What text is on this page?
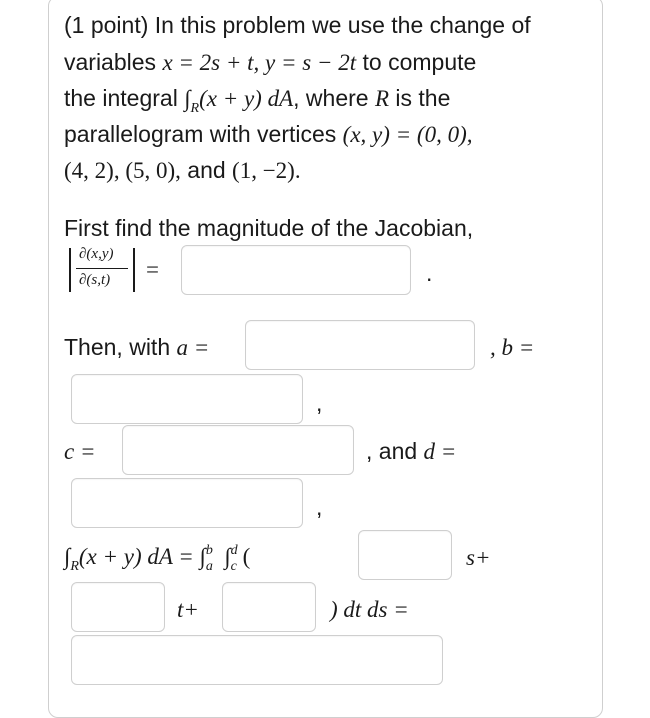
(1 point) In this problem we use the change of
variables x = 2s + t, y = s − 2t to compute
the integral $\int_R(x + y)$ dA, where R is the
parallelogram with vertices (x, y) = (0, 0),
(4, 2), (5, 0), and (1, −2).
First find the magnitude of the Jacobian,
∂(x,y)
∂(s,t) =	.
Then, with a =	, b =
,
c =	, and d =
,
$\int_R(x + y)$ dA = ∫$^b_a$ ∫$^d_c$ (	s+
t+	) dt ds =
